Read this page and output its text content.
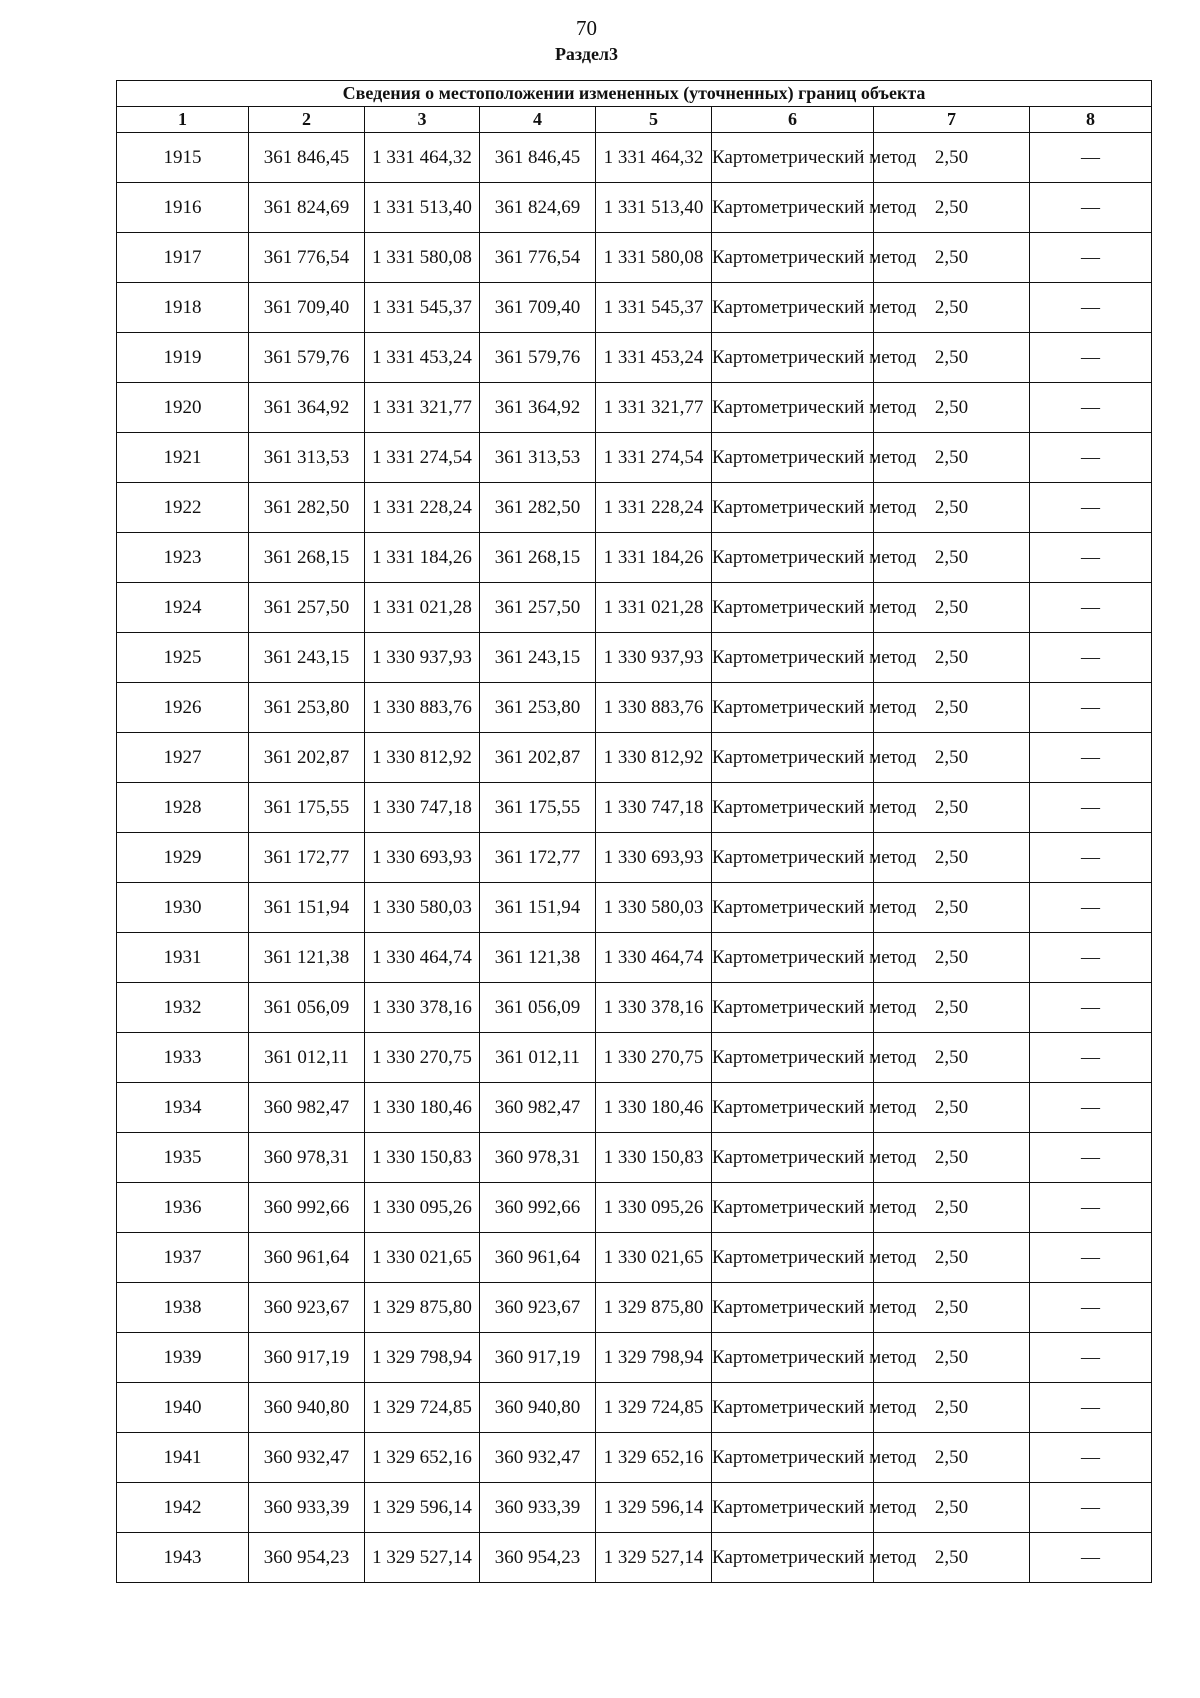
70
Раздел3
Сведения о местоположении измененных (уточненных) границ объекта							
1	2	3	4	5	6	7	8
1915	361 846,45	1 331 464,32	361 846,45	1 331 464,32	Картометрический метод	2,50	—
1916	361 824,69	1 331 513,40	361 824,69	1 331 513,40	Картометрический метод	2,50	—
1917	361 776,54	1 331 580,08	361 776,54	1 331 580,08	Картометрический метод	2,50	—
1918	361 709,40	1 331 545,37	361 709,40	1 331 545,37	Картометрический метод	2,50	—
1919	361 579,76	1 331 453,24	361 579,76	1 331 453,24	Картометрический метод	2,50	—
1920	361 364,92	1 331 321,77	361 364,92	1 331 321,77	Картометрический метод	2,50	—
1921	361 313,53	1 331 274,54	361 313,53	1 331 274,54	Картометрический метод	2,50	—
1922	361 282,50	1 331 228,24	361 282,50	1 331 228,24	Картометрический метод	2,50	—
1923	361 268,15	1 331 184,26	361 268,15	1 331 184,26	Картометрический метод	2,50	—
1924	361 257,50	1 331 021,28	361 257,50	1 331 021,28	Картометрический метод	2,50	—
1925	361 243,15	1 330 937,93	361 243,15	1 330 937,93	Картометрический метод	2,50	—
1926	361 253,80	1 330 883,76	361 253,80	1 330 883,76	Картометрический метод	2,50	—
1927	361 202,87	1 330 812,92	361 202,87	1 330 812,92	Картометрический метод	2,50	—
1928	361 175,55	1 330 747,18	361 175,55	1 330 747,18	Картометрический метод	2,50	—
1929	361 172,77	1 330 693,93	361 172,77	1 330 693,93	Картометрический метод	2,50	—
1930	361 151,94	1 330 580,03	361 151,94	1 330 580,03	Картометрический метод	2,50	—
1931	361 121,38	1 330 464,74	361 121,38	1 330 464,74	Картометрический метод	2,50	—
1932	361 056,09	1 330 378,16	361 056,09	1 330 378,16	Картометрический метод	2,50	—
1933	361 012,11	1 330 270,75	361 012,11	1 330 270,75	Картометрический метод	2,50	—
1934	360 982,47	1 330 180,46	360 982,47	1 330 180,46	Картометрический метод	2,50	—
1935	360 978,31	1 330 150,83	360 978,31	1 330 150,83	Картометрический метод	2,50	—
1936	360 992,66	1 330 095,26	360 992,66	1 330 095,26	Картометрический метод	2,50	—
1937	360 961,64	1 330 021,65	360 961,64	1 330 021,65	Картометрический метод	2,50	—
1938	360 923,67	1 329 875,80	360 923,67	1 329 875,80	Картометрический метод	2,50	—
1939	360 917,19	1 329 798,94	360 917,19	1 329 798,94	Картометрический метод	2,50	—
1940	360 940,80	1 329 724,85	360 940,80	1 329 724,85	Картометрический метод	2,50	—
1941	360 932,47	1 329 652,16	360 932,47	1 329 652,16	Картометрический метод	2,50	—
1942	360 933,39	1 329 596,14	360 933,39	1 329 596,14	Картометрический метод	2,50	—
1943	360 954,23	1 329 527,14	360 954,23	1 329 527,14	Картометрический метод	2,50	—
